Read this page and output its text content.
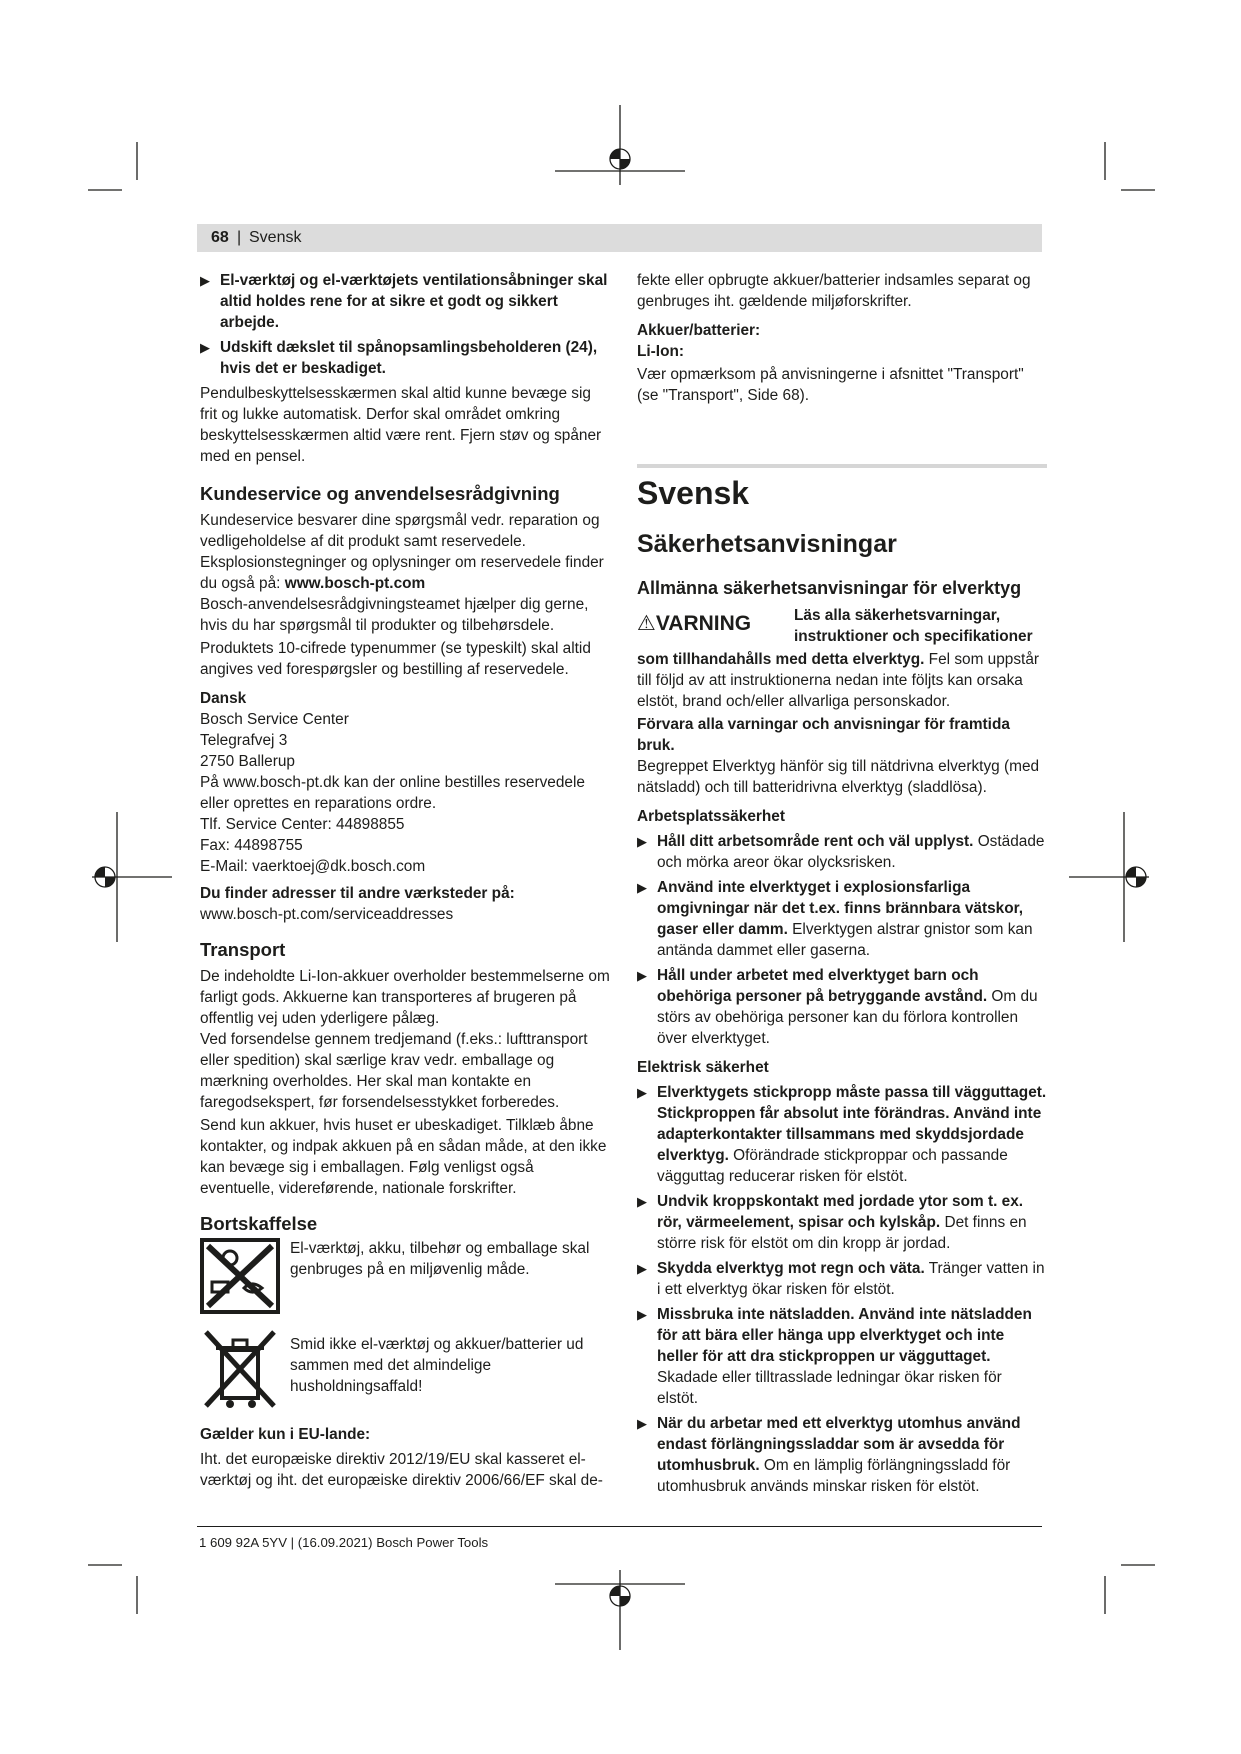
68 | Svensk
▶ El-værktøj og el-værktøjets ventilationsåbninger skal altid holdes rene for at sikre et godt og sikkert arbejde.
▶ Udskift dækslet til spånopsamlingsbeholderen (24), hvis det er beskadiget.

Pendulbeskyttelsesskærmen skal altid kunne bevæge sig frit og lukke automatisk. Derfor skal området omkring beskyttelsesskærmen altid være rent. Fjern støv og spåner med en pensel.

Kundeservice og anvendelsesrådgivning

Kundeservice besvarer dine spørgsmål vedr. reparation og vedligeholdelse af dit produkt samt reservedele. Eksplosionstegninger og oplysninger om reservedele finder du også på: www.bosch-pt.com

Bosch-anvendelsesrådgivningsteamet hjælper dig gerne, hvis du har spørgsmål til produkter og tilbehørsdele.

Produktets 10-cifrede typenummer (se typeskilt) skal altid angives ved forespørgsler og bestilling af reservedele.

Dansk

Bosch Service Center

Telegrafvej 3

2750 Ballerup

På www.bosch-pt.dk kan der online bestilles reservedele eller oprettes en reparations ordre.

Tlf. Service Center: 44898855

Fax: 44898755

E-Mail: vaerktoej@dk.bosch.com

Du finder adresser til andre værksteder på:

www.bosch-pt.com/serviceaddresses

Transport

De indeholdte Li-Ion-akkuer overholder bestemmelserne om farligt gods. Akkuerne kan transporteres af brugeren på offentlig vej uden yderligere pålæg.

Ved forsendelse gennem tredjemand (f.eks.: lufttransport eller spedition) skal særlige krav vedr. emballage og mærkning overholdes. Her skal man kontakte en faregodsekspert, før forsendelsesstykket forberedes.

Send kun akkuer, hvis huset er ubeskadiget. Tilklæb åbne kontakter, og indpak akkuen på en sådan måde, at den ikke kan bevæge sig i emballagen. Følg venligst også eventuelle, videreførende, nationale forskrifter.

Bortskaffelse

El-værktøj, akku, tilbehør og emballage skal genbruges på en miljøvenlig måde.

Smid ikke el-værktøj og akkuer/batterier ud sammen med det almindelige husholdningsaffald!

Gælder kun i EU-lande:

Iht. det europæiske direktiv 2012/19/EU skal kasseret el-værktøj og iht. det europæiske direktiv 2006/66/EF skal de-

fekte eller opbrugte akkuer/batterier indsamles separat og genbruges iht. gældende miljøforskrifter.

Akkuer/batterier:
Li-Ion:

Vær opmærksom på anvisningerne i afsnittet "Transport" (se "Transport", Side 68).

Svensk

Säkerhetsanvisningar

Allmänna säkerhetsanvisningar för elverktyg

⚠VARNING	Läs alla säkerhetsvarningar, instruktioner och specifikationer

som tillhandahålls med detta elverktyg. Fel som uppstår till följd av att instruktionerna nedan inte följts kan orsaka elstöt, brand och/eller allvarliga personskador.

Förvara alla varningar och anvisningar för framtida bruk.

Begreppet Elverktyg hänför sig till nätdrivna elverktyg (med nätsladd) och till batteridrivna elverktyg (sladdlösa).

Arbetsplatssäkerhet
▶ Håll ditt arbetsområde rent och väl upplyst. Ostädade och mörka areor ökar olycksrisken.
▶ Använd inte elverktyget i explosionsfarliga omgivningar när det t.ex. finns brännbara vätskor, gaser eller damm. Elverktygen alstrar gnistor som kan antända dammet eller gaserna.
▶ Håll under arbetet med elverktyget barn och obehöriga personer på betryggande avstånd. Om du störs av obehöriga personer kan du förlora kontrollen över elverktyget.
Elektrisk säkerhet
▶ Elverktygets stickpropp måste passa till vägguttaget. Stickproppen får absolut inte förändras. Använd inte adapterkontakter tillsammans med skyddsjordade elverktyg. Oförändrade stickproppar och passande vägguttag reducerar risken för elstöt.
▶ Undvik kroppskontakt med jordade ytor som t. ex. rör, värmeelement, spisar och kylskåp. Det finns en större risk för elstöt om din kropp är jordad.
▶ Skydda elverktyg mot regn och väta. Tränger vatten in i ett elverktyg ökar risken för elstöt.
▶ Missbruka inte nätsladden. Använd inte nätsladden för att bära eller hänga upp elverktyget och inte heller för att dra stickproppen ur vägguttaget. Skadade eller tilltrasslade ledningar ökar risken för elstöt.
▶ När du arbetar med ett elverktyg utomhus använd endast förlängningssladdar som är avsedda för utomhusbruk. Om en lämplig förlängningssladd för utomhusbruk används minskar risken för elstöt.
1 609 92A 5YV | (16.09.2021) Bosch Power Tools
